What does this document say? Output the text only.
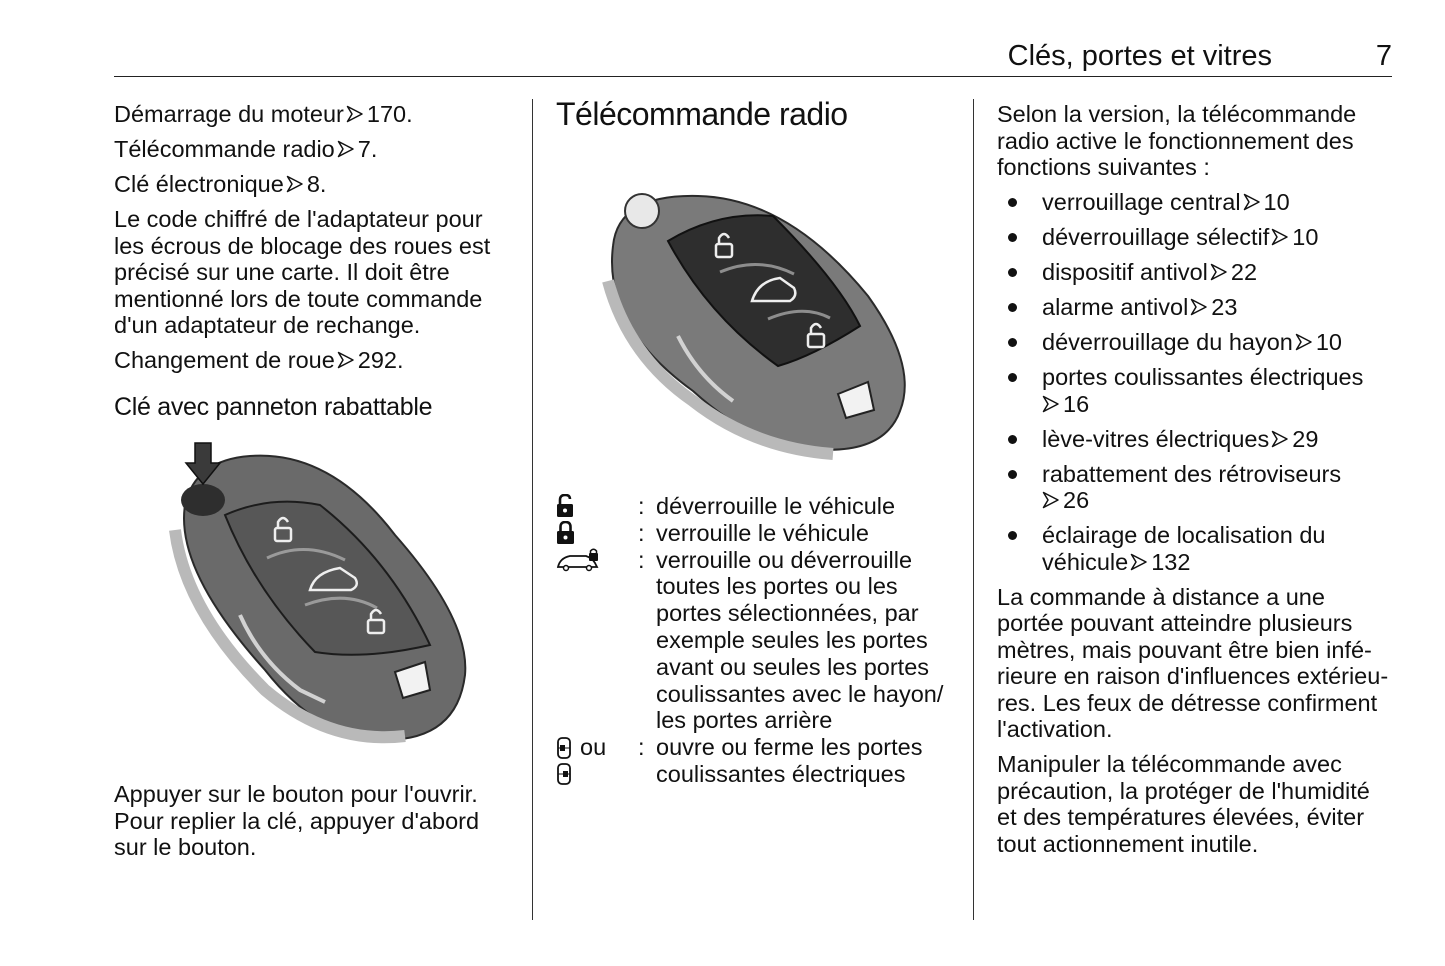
Clés, portes et vitres	7

Démarrage du moteur 170.

Télécommande radio 7.

Clé électronique 8.

Le code chiffré de l'adaptateur pour
les écrous de blocage des roues est
précisé sur une carte. Il doit être
mentionné lors de toute commande
d'un adaptateur de rechange.

Changement de roue 292.

Clé avec panneton rabattable
Appuyer sur le bouton pour l'ouvrir.
Pour replier la clé, appuyer d'abord
sur le bouton.
Télécommande radio
: déverrouille le véhicule
: verrouille le véhicule
: verrouille ou déverrouille
toutes les portes ou les
portes sélectionnées, par
exemple seules les portes
avant ou seules les portes
coulissantes avec le hayon/
les portes arrière
ou : ouvre ou ferme les portes
coulissantes électriques

Selon la version, la télécommande
radio active le fonctionnement des
fonctions suivantes :

verrouillage central 10
déverrouillage sélectif 10
dispositif antivol 22
alarme antivol 23
déverrouillage du hayon 10
portes coulissantes électriques
16
lève-vitres électriques 29
rabattement des rétroviseurs
26
éclairage de localisation du
véhicule 132

La commande à distance a une
portée pouvant atteindre plusieurs
mètres, mais pouvant être bien infé-
rieure en raison d'influences extérieu-
res. Les feux de détresse confirment
l'activation.

Manipuler la télécommande avec
précaution, la protéger de l'humidité
et des températures élevées, éviter
tout actionnement inutile.
